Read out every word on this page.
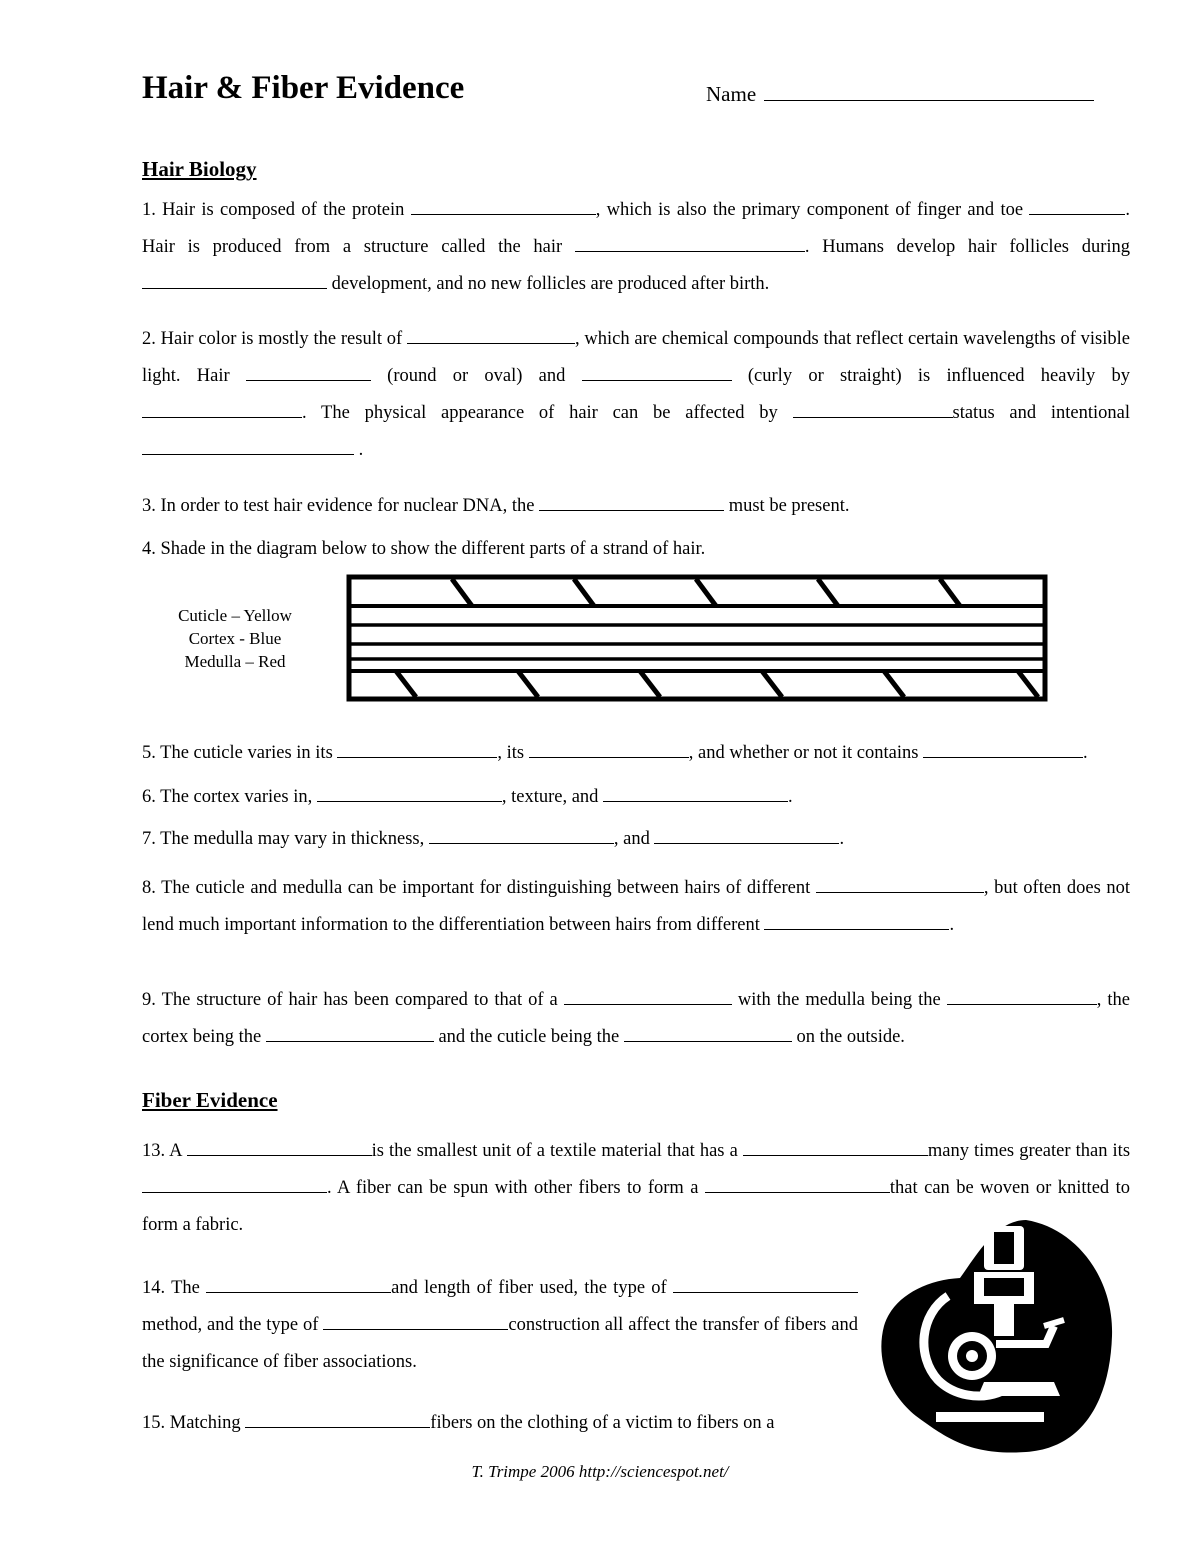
Hair & Fiber Evidence	Name
Hair Biology
1. Hair is composed of the protein	, which is also the primary component of finger and toe	. Hair is produced from a structure called the hair	. Humans develop hair follicles during  development, and no new follicles are produced after birth.
2. Hair color is mostly the result of	, which are chemical compounds that reflect certain wavelengths of visible light. Hair	(round or oval) and	(curly or straight) is influenced heavily by . The physical appearance of hair can be affected by	status and intentional  .
3. In order to test hair evidence for nuclear DNA, the	must be present.
4. Shade in the diagram below to show the different parts of a strand of hair.
Cuticle – Yellow
Cortex - Blue
Medulla – Red
5. The cuticle varies in its	, its	, and whether or not it contains	.
6. The cortex varies in,	, texture, and	.
7. The medulla may vary in thickness,	, and	.
8. The cuticle and medulla can be important for distinguishing between hairs of different	, but often does not lend much important information to the differentiation between hairs from different	.
9. The structure of hair has been compared to that of a	with the medulla being the	, the cortex being the	and the cuticle being the	on the outside.
Fiber Evidence
13. A	is the smallest unit of a textile material that has a	many times greater than its . A fiber can be spun with other fibers to form a	that can be woven or knitted to form a fabric.
14. The	and length of fiber used, the type of method, and the type of	construction all affect the transfer of fibers and the significance of fiber associations.
15. Matching	fibers on the clothing of a victim to fibers on a
T. Trimpe 2006 http://sciencespot.net/
